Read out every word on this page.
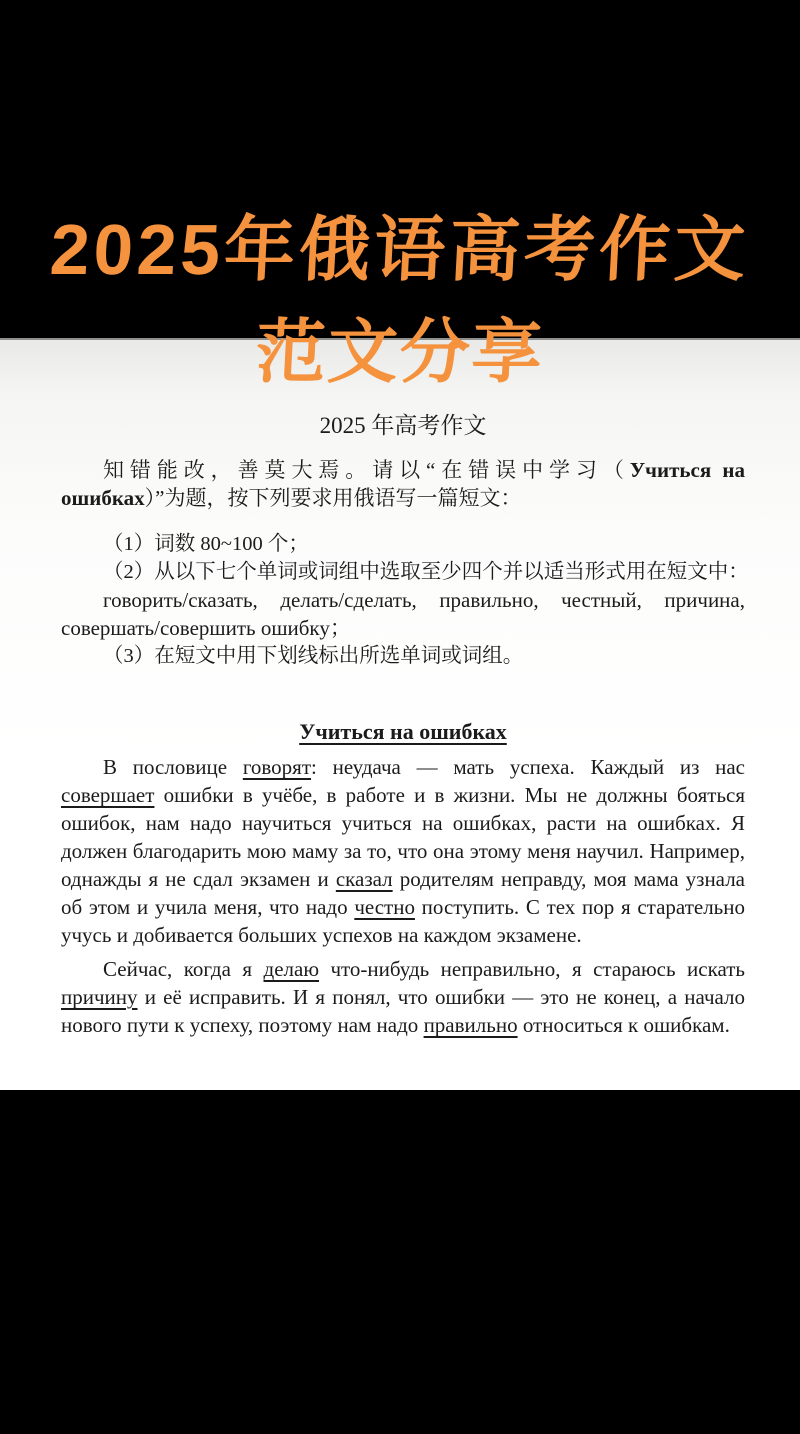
2025年俄语高考作文
范文分享
2025 年高考作文

知错能改，善莫大焉。请以“在错误中学习（Учиться на ошибках）”为题，按下列要求用俄语写一篇短文：

（1）词数 80~100 个；
（2）从以下七个单词或词组中选取至少四个并以适当形式用在短文中：
говорить/сказать, делать/сделать, правильно, честный, причина,
совершать/совершить ошибку；
（3）在短文中用下划线标出所选单词或词组。
Учиться на ошибках

В пословице говорят: неудача — мать успеха. Каждый из нас совершает ошибки в учёбе, в работе и в жизни. Мы не должны бояться ошибок, нам надо научиться учиться на ошибках, расти на ошибках. Я должен благодарить мою маму за то, что она этому меня научил. Например, однажды я не сдал экзамен и сказал родителям неправду, моя мама узнала об этом и учила меня, что надо честно поступить. С тех пор я старательно учусь и добивается больших успехов на каждом экзамене.

Сейчас, когда я делаю что-нибудь неправильно, я стараюсь искать причину и её исправить. И я понял, что ошибки — это не конец, а начало нового пути к успеху, поэтому нам надо правильно относиться к ошибкам.
